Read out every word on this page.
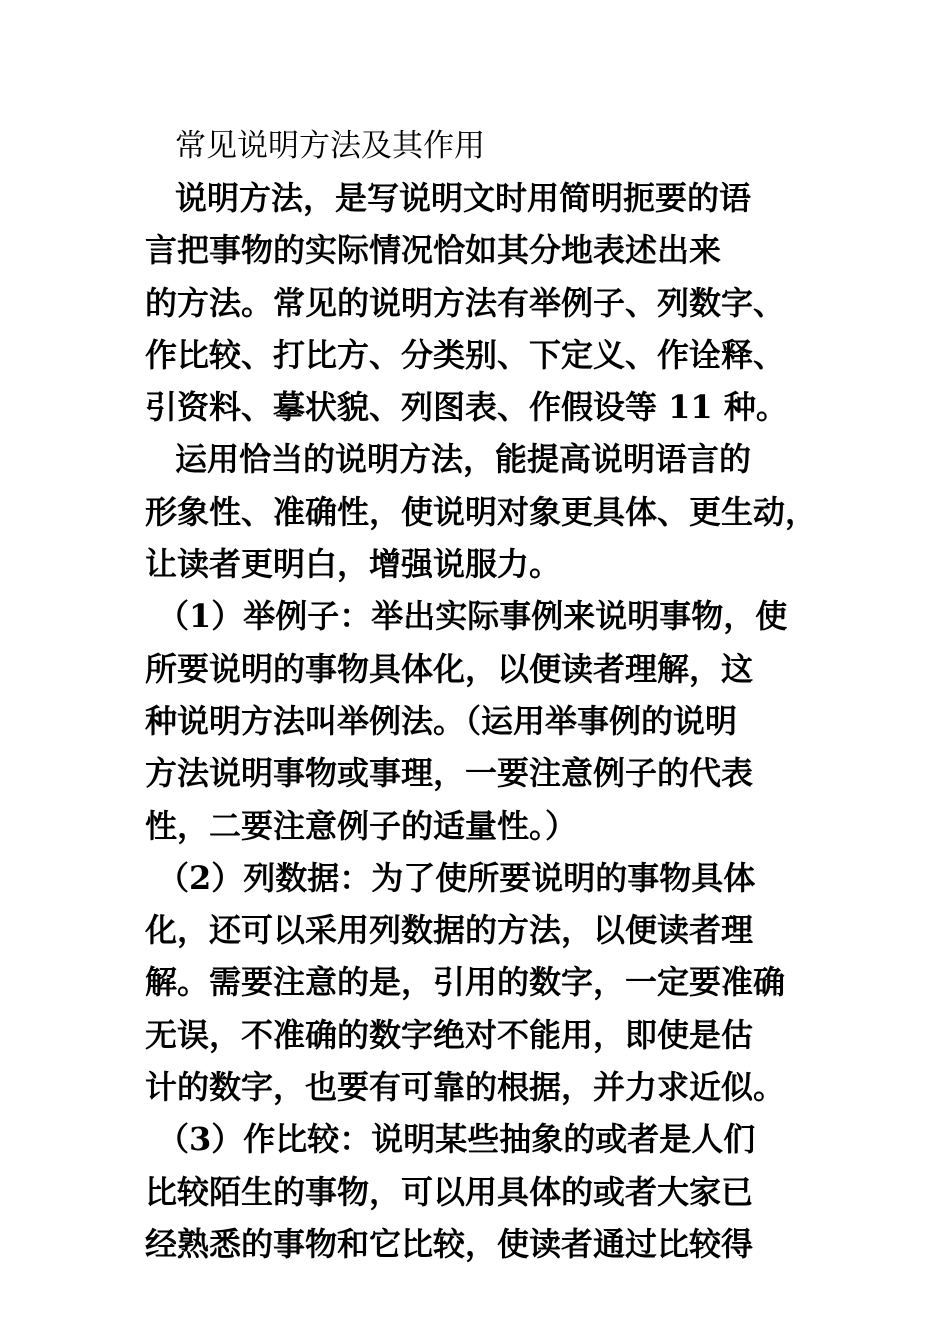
常见说明方法及其作用
说明方法，是写说明文时用简明扼要的语
言把事物的实际情况恰如其分地表述出来
的方法。常见的说明方法有举例子、列数字、
作比较、打比方、分类别、下定义、作诠释、
引资料、摹状貌、列图表、作假设等 11 种。
运用恰当的说明方法，能提高说明语言的
形象性、准确性，使说明对象更具体、更生动，
让读者更明白，增强说服力。
（1）举例子：举出实际事例来说明事物，使
所要说明的事物具体化，以便读者理解，这
种说明方法叫举例法。（运用举事例的说明
方法说明事物或事理，一要注意例子的代表
性，二要注意例子的适量性。）
（2）列数据：为了使所要说明的事物具体
化，还可以采用列数据的方法，以便读者理
解。需要注意的是，引用的数字，一定要准确
无误，不准确的数字绝对不能用，即使是估
计的数字，也要有可靠的根据，并力求近似。
（3）作比较：说明某些抽象的或者是人们
比较陌生的事物，可以用具体的或者大家已
经熟悉的事物和它比较，使读者通过比较得
